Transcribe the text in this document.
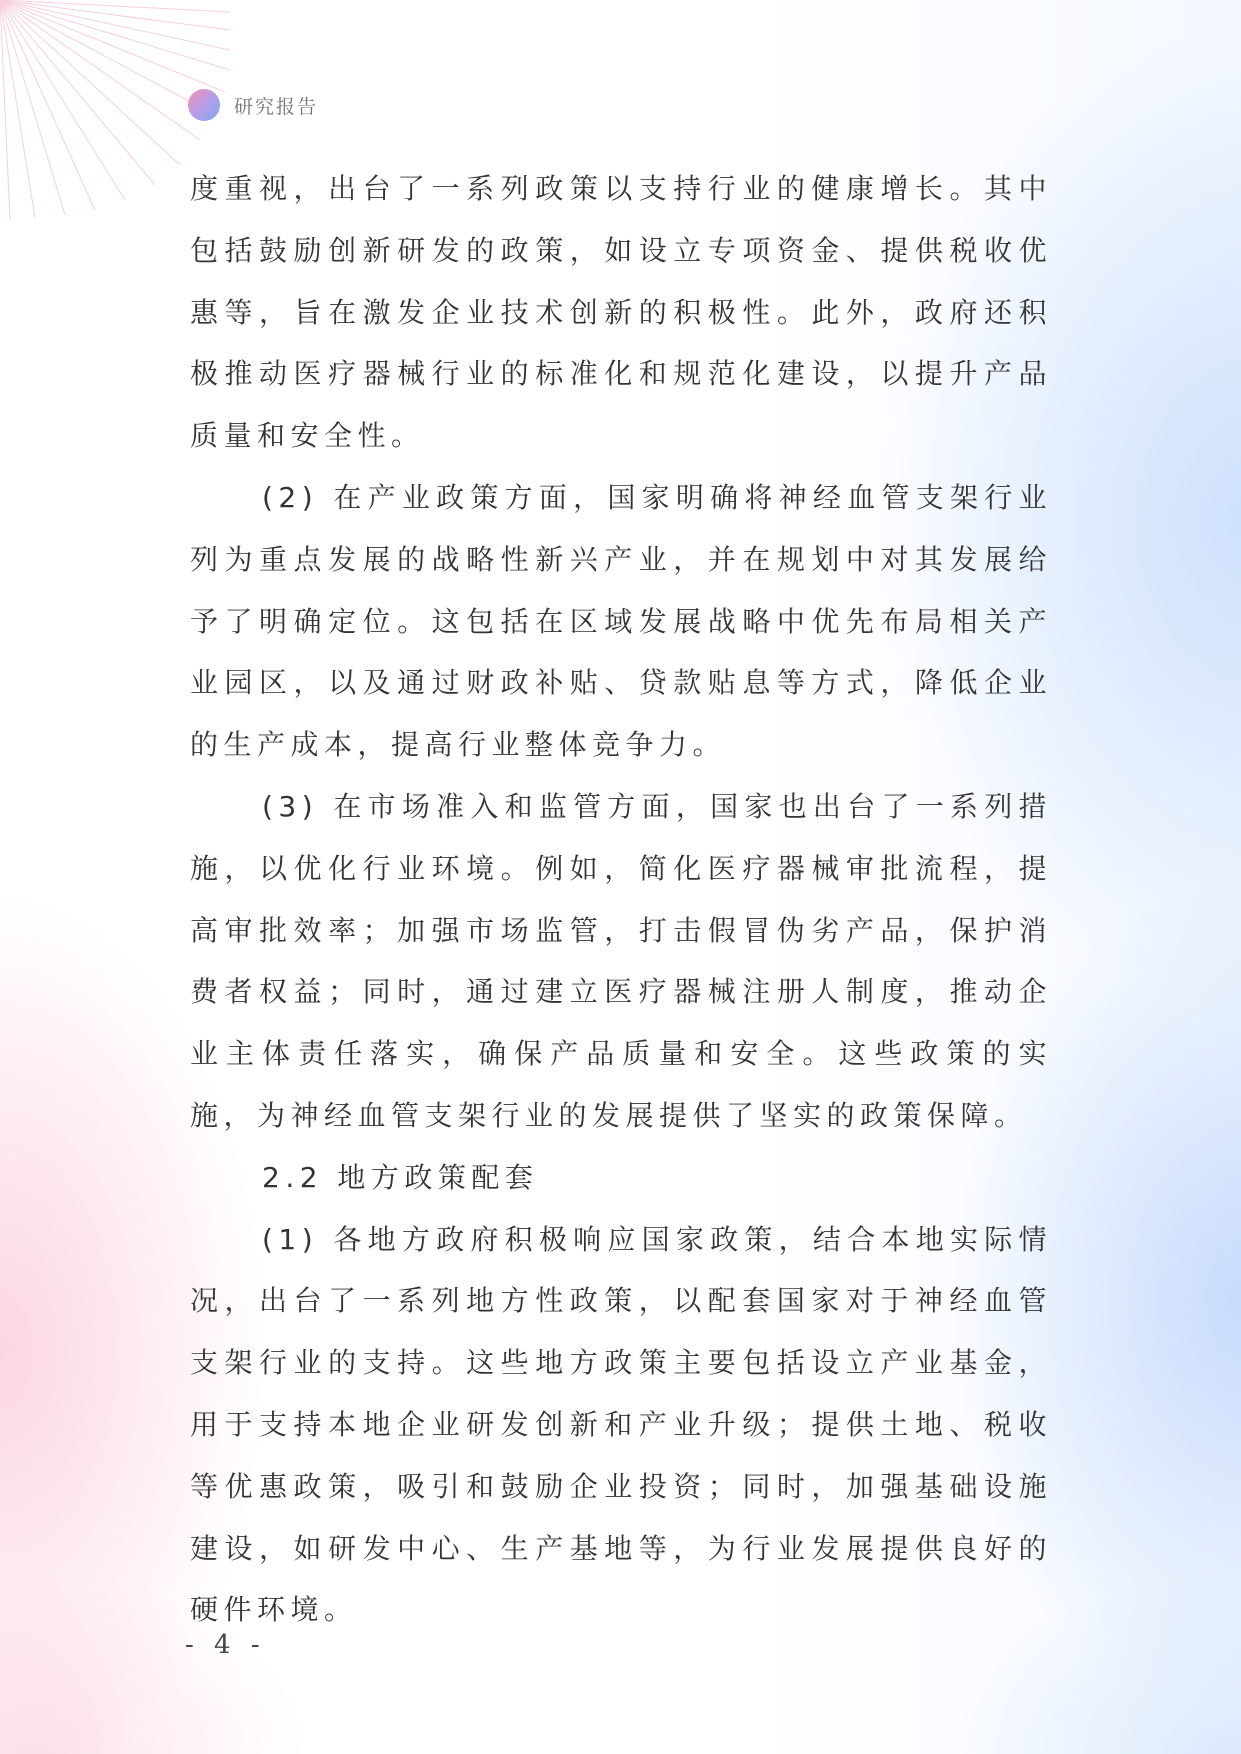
研究报告

度重视，出台了一系列政策以支持行业的健康增长。其中包括鼓励创新研发的政策，如设立专项资金、提供税收优惠等，旨在激发企业技术创新的积极性。此外，政府还积极推动医疗器械行业的标准化和规范化建设，以提升产品质量和安全性。

(2) 在产业政策方面，国家明确将神经血管支架行业列为重点发展的战略性新兴产业，并在规划中对其发展给予了明确定位。这包括在区域发展战略中优先布局相关产业园区，以及通过财政补贴、贷款贴息等方式，降低企业的生产成本，提高行业整体竞争力。

(3) 在市场准入和监管方面，国家也出台了一系列措施，以优化行业环境。例如，简化医疗器械审批流程，提高审批效率；加强市场监管，打击假冒伪劣产品，保护消费者权益；同时，通过建立医疗器械注册人制度，推动企业主体责任落实，确保产品质量和安全。这些政策的实施，为神经血管支架行业的发展提供了坚实的政策保障。

2.2 地方政策配套

(1) 各地方政府积极响应国家政策，结合本地实际情况，出台了一系列地方性政策，以配套国家对于神经血管支架行业的支持。这些地方政策主要包括设立产业基金，用于支持本地企业研发创新和产业升级；提供土地、税收等优惠政策，吸引和鼓励企业投资；同时，加强基础设施建设，如研发中心、生产基地等，为行业发展提供良好的硬件环境。

- 4 -
